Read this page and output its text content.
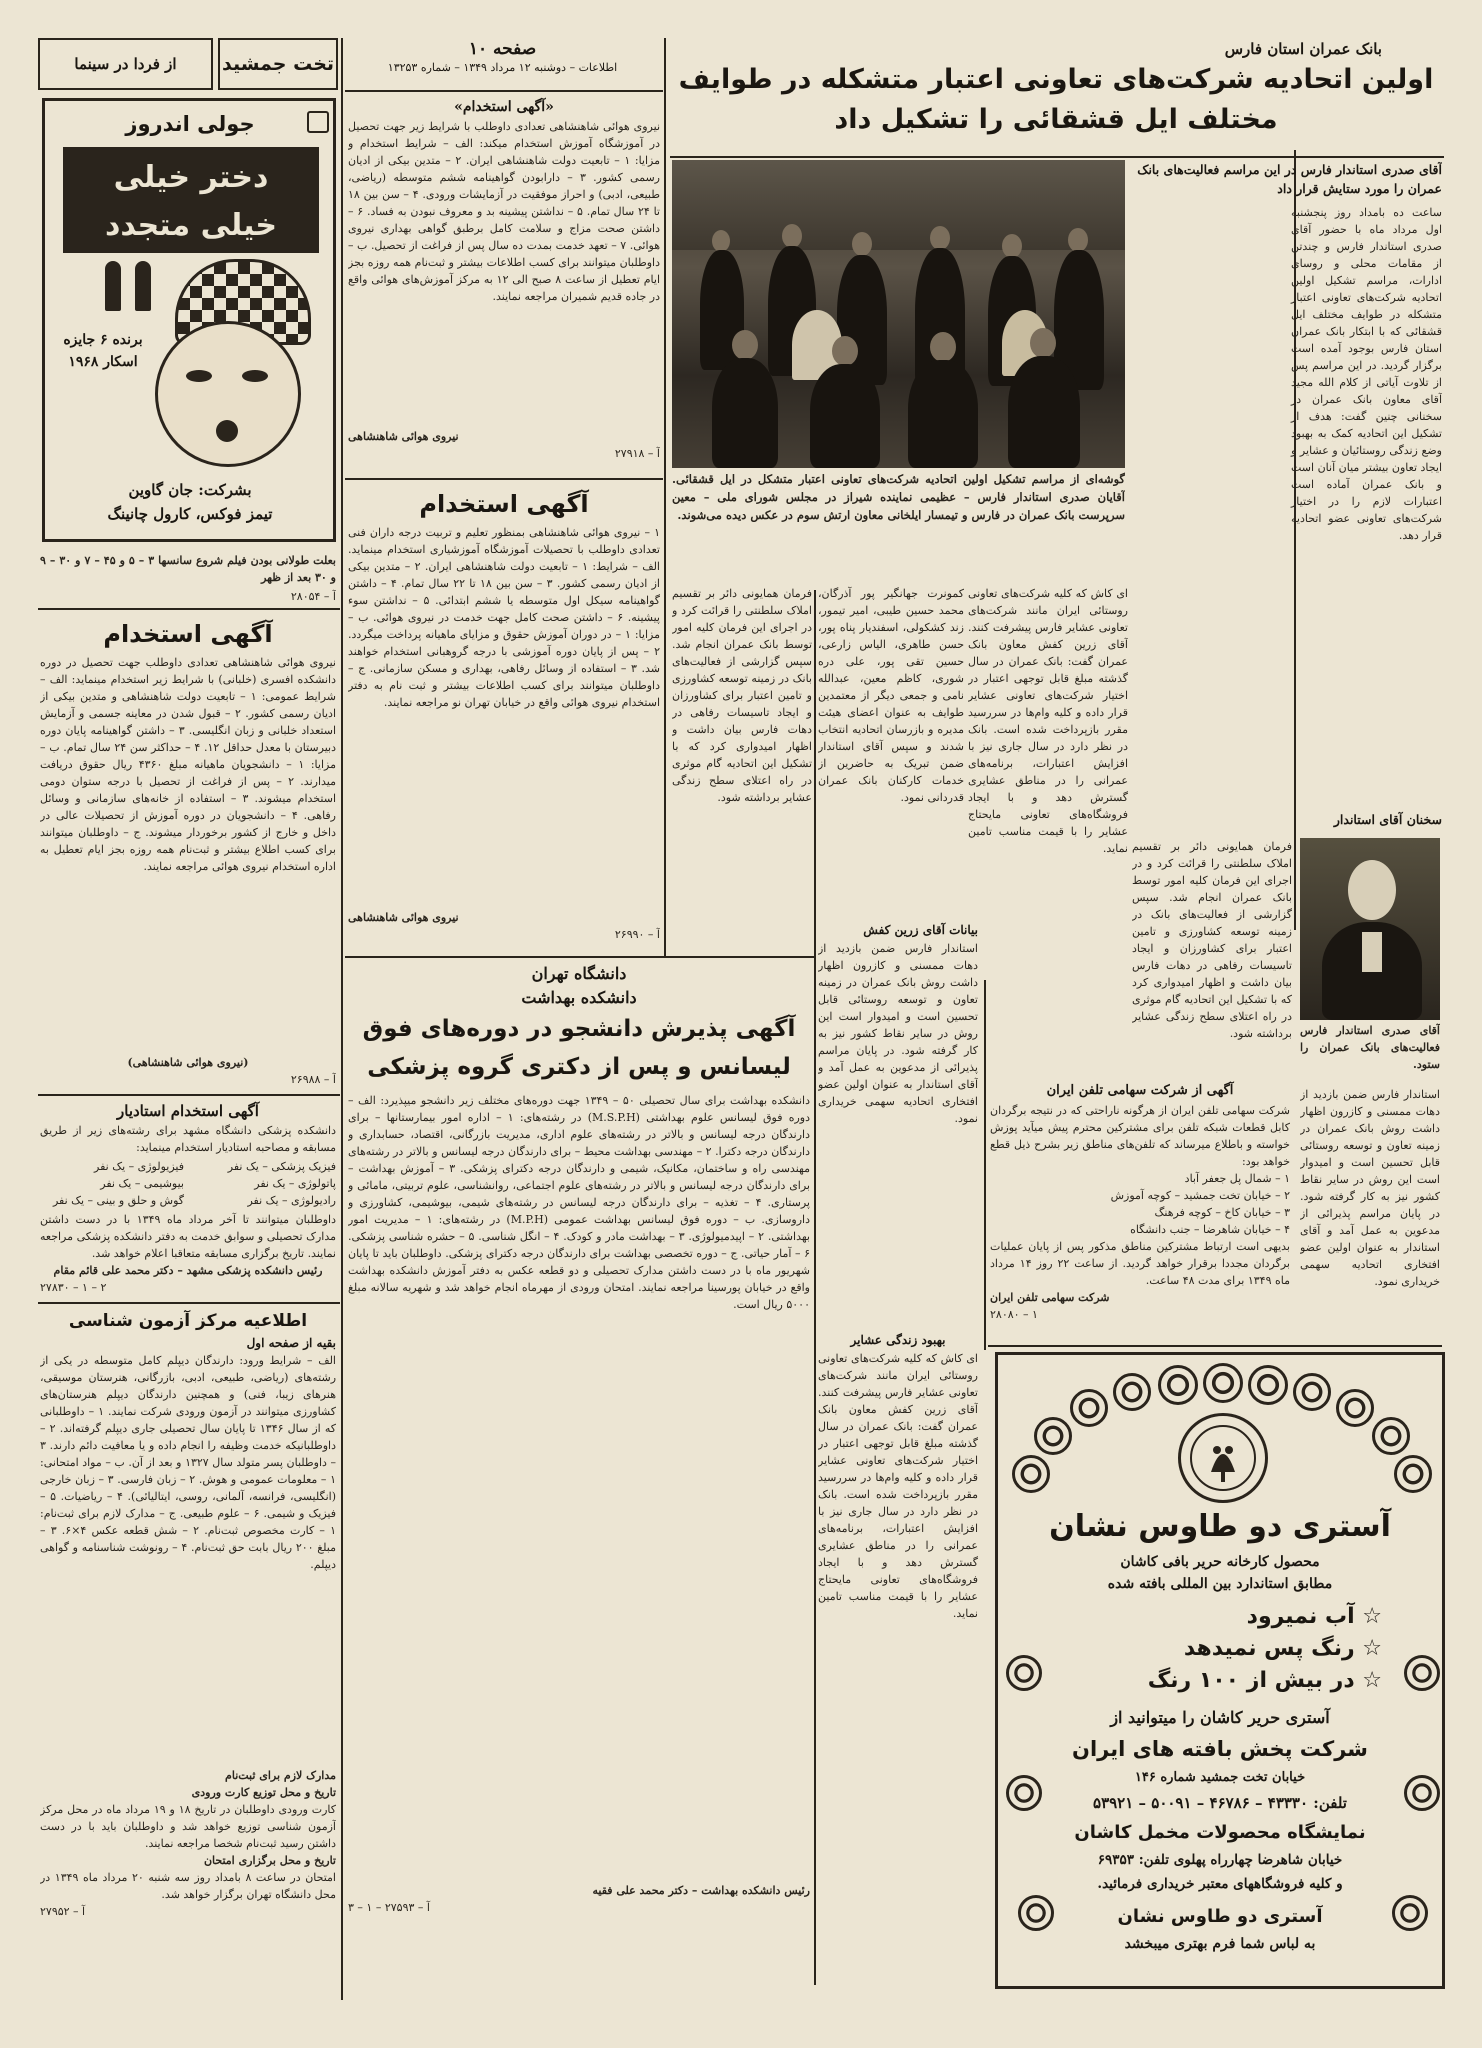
صفحه ۱۰
اطلاعات – دوشنبه ۱۲ مرداد ۱۳۴۹ – شماره ۱۳۲۵۳
بانک عمران استان فارس
اولین اتحادیه شرکت‌های تعاونی اعتبار متشکله در طوایف
مختلف ایل قشقائی را تشکیل داد
گوشه‌ای از مراسم تشکیل اولین اتحادیه شرکت‌های تعاونی اعتبار متشکل در ایل قشقائی. آقایان صدری استاندار فارس – عظیمی نماینده شیراز در مجلس شورای ملی – معین سرپرست بانک عمران در فارس و تیمسار ایلخانی معاون ارتش سوم در عکس دیده می‌شوند.
آقای صدری استاندار فارس در این مراسم فعالیت‌های بانک عمران را مورد ستایش قرار داد
ساعت ده بامداد روز پنجشنبه اول مرداد ماه با حضور آقای صدری استاندار فارس و چندتن از مقامات محلی و روسای ادارات، مراسم تشکیل اولین اتحادیه شرکت‌های تعاونی اعتبار متشکله در طوایف مختلف ایل قشقائی که با ابتکار بانک عمران استان فارس بوجود آمده است برگزار گردید. در این مراسم پس از تلاوت آیاتی از کلام الله مجید آقای معاون بانک عمران در سخنانی چنین گفت: هدف از تشکیل این اتحادیه کمک به بهبود وضع زندگی روستائیان و عشایر و ایجاد تعاون بیشتر میان آنان است و بانک عمران آماده است اعتبارات لازم را در اختیار شرکت‌های تعاونی عضو اتحادیه قرار دهد.
فرمان همایونی دائر بر تقسیم املاک سلطنتی را قرائت کرد و در اجرای این فرمان کلیه امور توسط بانک عمران انجام شد. سپس گزارشی از فعالیت‌های بانک در زمینه توسعه کشاورزی و تامین اعتبار برای کشاورزان و ایجاد تاسیسات رفاهی در دهات فارس بیان داشت و اظهار امیدواری کرد که با تشکیل این اتحادیه گام موثری در راه اعتلای سطح زندگی عشایر برداشته شود.
کمونرت جهانگیر پور آذرگان، محمد حسین طیبی، امیر تیمور، زند کشکولی، اسفندیار پناه پور، حسن طاهری، الیاس زارعی، حسین تقی پور، علی دره شوری، کاظم معین، عبدالله نامی و جمعی دیگر از معتمدین طوایف به عنوان اعضای هیئت مدیره و بازرسان اتحادیه انتخاب شدند و سپس آقای استاندار ضمن تبریک به حاضرین از خدمات کارکنان بانک عمران قدردانی نمود.
ای کاش که کلیه شرکت‌های تعاونی روستائی ایران مانند شرکت‌های تعاونی عشایر فارس پیشرفت کنند. آقای زرین کفش معاون بانک عمران گفت: بانک عمران در سال گذشته مبلغ قابل توجهی اعتبار در اختیار شرکت‌های تعاونی عشایر قرار داده و کلیه وام‌ها در سررسید مقرر بازپرداخت شده است. بانک در نظر دارد در سال جاری نیز با افزایش اعتبارات، برنامه‌های عمرانی را در مناطق عشایری گسترش دهد و با ایجاد فروشگاه‌های تعاونی مایحتاج عشایر را با قیمت مناسب تامین نماید.
بیانات آقای زرین کفش
استاندار فارس ضمن بازدید از دهات ممسنی و کازرون اظهار داشت روش بانک عمران در زمینه تعاون و توسعه روستائی قابل تحسین است و امیدوار است این روش در سایر نقاط کشور نیز به کار گرفته شود. در پایان مراسم پذیرائی از مدعوین به عمل آمد و آقای استاندار به عنوان اولین عضو افتخاری اتحادیه سهمی خریداری نمود.
سخنان آقای استاندار
آقای صدری استاندار فارس فعالیت‌های بانک عمران را ستود.
فرمان همایونی دائر بر تقسیم املاک سلطنتی را قرائت کرد و در اجرای این فرمان کلیه امور توسط بانک عمران انجام شد. سپس گزارشی از فعالیت‌های بانک در زمینه توسعه کشاورزی و تامین اعتبار برای کشاورزان و ایجاد تاسیسات رفاهی در دهات فارس بیان داشت و اظهار امیدواری کرد که با تشکیل این اتحادیه گام موثری در راه اعتلای سطح زندگی عشایر برداشته شود.
استاندار فارس ضمن بازدید از دهات ممسنی و کازرون اظهار داشت روش بانک عمران در زمینه تعاون و توسعه روستائی قابل تحسین است و امیدوار است این روش در سایر نقاط کشور نیز به کار گرفته شود. در پایان مراسم پذیرائی از مدعوین به عمل آمد و آقای استاندار به عنوان اولین عضو افتخاری اتحادیه سهمی خریداری نمود.
بهبود زندگی عشایر
ای کاش که کلیه شرکت‌های تعاونی روستائی ایران مانند شرکت‌های تعاونی عشایر فارس پیشرفت کنند. آقای زرین کفش معاون بانک عمران گفت: بانک عمران در سال گذشته مبلغ قابل توجهی اعتبار در اختیار شرکت‌های تعاونی عشایر قرار داده و کلیه وام‌ها در سررسید مقرر بازپرداخت شده است. بانک در نظر دارد در سال جاری نیز با افزایش اعتبارات، برنامه‌های عمرانی را در مناطق عشایری گسترش دهد و با ایجاد فروشگاه‌های تعاونی مایحتاج عشایر را با قیمت مناسب تامین نماید.
آگهی از شرکت سهامی تلفن ایران
شرکت سهامی تلفن ایران از هرگونه ناراحتی که در نتیجه برگردان کابل قطعات شبکه تلفن برای مشترکین محترم پیش میآید پوزش خواسته و باطلاع میرساند که تلفن‌های مناطق زیر بشرح ذیل قطع خواهد بود:
۱ – شمال پل جعفر آباد
۲ – خیابان تخت جمشید – کوچه آموزش
۳ – خیابان کاخ – کوچه فرهنگ
۴ – خیابان شاهرضا – جنب دانشگاه
بدیهی است ارتباط مشترکین مناطق مذکور پس از پایان عملیات برگردان مجددا برقرار خواهد گردید. از ساعت ۲۲ روز ۱۴ مرداد ماه ۱۳۴۹ برای مدت ۴۸ ساعت.
شرکت سهامی تلفن ایران
۱ – ۲۸۰۸۰
آستری دو طاوس نشان
محصول کارخانه حریر بافی کاشان
مطابق استاندارد بین المللی بافته شده
☆ آب نمیرود
☆ رنگ پس نمیدهد
☆ در بیش از ۱۰۰ رنگ
آستری حریر کاشان را میتوانید از
شرکت پخش بافته های ایران
خیابان تخت جمشید شماره ۱۴۶
تلفن: ۴۳۳۳۰ – ۴۶۷۸۶ – ۵۰۰۹۱ – ۵۳۹۲۱
نمایشگاه محصولات مخمل کاشان
خیابان شاهرضا چهارراه پهلوی تلفن: ۶۹۳۵۳
و کلیه فروشگاههای معتبر خریداری فرمائید.
آستری دو طاوس نشان
به لباس شما فرم بهتری میبخشد
«آگهی استخدام»
نیروی هوائی شاهنشاهی تعدادی داوطلب با شرایط زیر جهت تحصیل در آموزشگاه آموزش استخدام میکند: الف – شرایط استخدام و مزایا: ۱ – تابعیت دولت شاهنشاهی ایران. ۲ – متدین بیکی از ادیان رسمی کشور. ۳ – دارابودن گواهینامه ششم متوسطه (ریاضی، طبیعی، ادبی) و احراز موفقیت در آزمایشات ورودی. ۴ – سن بین ۱۸ تا ۲۴ سال تمام. ۵ – نداشتن پیشینه بد و معروف نبودن به فساد. ۶ – داشتن صحت مزاج و سلامت کامل برطبق گواهی بهداری نیروی هوائی. ۷ – تعهد خدمت بمدت ده سال پس از فراغت از تحصیل. ب – داوطلبان میتوانند برای کسب اطلاعات بیشتر و ثبت‌نام همه روزه بجز ایام تعطیل از ساعت ۸ صبح الی ۱۲ به مرکز آموزش‌های هوائی واقع در جاده قدیم شمیران مراجعه نمایند.
نیروی هوائی شاهنشاهی
آ – ۲۷۹۱۸
آگهی استخدام
۱ – نیروی هوائی شاهنشاهی بمنظور تعلیم و تربیت درجه داران فنی تعدادی داوطلب با تحصیلات آموزشگاه آموزشیاری استخدام مینماید. الف – شرایط: ۱ – تابعیت دولت شاهنشاهی ایران. ۲ – متدین بیکی از ادیان رسمی کشور. ۳ – سن بین ۱۸ تا ۲۲ سال تمام. ۴ – داشتن گواهینامه سیکل اول متوسطه یا ششم ابتدائی. ۵ – نداشتن سوء پیشینه. ۶ – داشتن صحت کامل جهت خدمت در نیروی هوائی. ب – مزایا: ۱ – در دوران آموزش حقوق و مزایای ماهیانه پرداخت میگردد. ۲ – پس از پایان دوره آموزشی با درجه گروهبانی استخدام خواهند شد. ۳ – استفاده از وسائل رفاهی، بهداری و مسکن سازمانی. ج – داوطلبان میتوانند برای کسب اطلاعات بیشتر و ثبت نام به دفتر استخدام نیروی هوائی واقع در خیابان تهران نو مراجعه نمایند.
نیروی هوائی شاهنشاهی
آ – ۲۶۹۹۰
دانشگاه تهران
دانشکده بهداشت
آگهی پذیرش دانشجو در دوره‌های فوق
لیسانس و پس از دکتری گروه پزشکی
دانشکده بهداشت برای سال تحصیلی ۵۰ – ۱۳۴۹ جهت دوره‌های مختلف زیر دانشجو میپذیرد: الف – دوره فوق لیسانس علوم بهداشتی (M.S.P.H) در رشته‌های: ۱ – اداره امور بیمارستانها – برای دارندگان درجه لیسانس و بالاتر در رشته‌های علوم اداری، مدیریت بازرگانی، اقتصاد، حسابداری و دارندگان درجه دکترا. ۲ – مهندسی بهداشت محیط – برای دارندگان درجه لیسانس و بالاتر در رشته‌های مهندسی راه و ساختمان، مکانیک، شیمی و دارندگان درجه دکترای پزشکی. ۳ – آموزش بهداشت – برای دارندگان درجه لیسانس و بالاتر در رشته‌های علوم اجتماعی، روانشناسی، علوم تربیتی، مامائی و پرستاری. ۴ – تغذیه – برای دارندگان درجه لیسانس در رشته‌های شیمی، بیوشیمی، کشاورزی و داروسازی. ب – دوره فوق لیسانس بهداشت عمومی (M.P.H) در رشته‌های: ۱ – مدیریت امور بهداشتی. ۲ – اپیدمیولوژی. ۳ – بهداشت مادر و کودک. ۴ – انگل شناسی. ۵ – حشره شناسی پزشکی. ۶ – آمار حیاتی. ج – دوره تخصصی بهداشت برای دارندگان درجه دکترای پزشکی. داوطلبان باید تا پایان شهریور ماه با در دست داشتن مدارک تحصیلی و دو قطعه عکس به دفتر آموزش دانشکده بهداشت واقع در خیابان پورسینا مراجعه نمایند. امتحان ورودی از مهرماه انجام خواهد شد و شهریه سالانه مبلغ ۵۰۰۰ ریال است.
رئیس دانشکده بهداشت – دکتر محمد علی فقیه
آ – ۲۷۵۹۳ – ۱ – ۳
تخت جمشید
از فردا در سینما
جولی اندروز
دختر خیلی خیلی متجدد
برنده ۶ جایزه اسکار ۱۹۶۸
بشرکت: جان گاوین
تیمز فوکس، کارول چانینگ
بعلت طولانی بودن فیلم شروع سانسها ۳ – ۵ و ۴۵ – ۷ و ۳۰ – ۹ و ۳۰ بعد از ظهر
آ – ۲۸۰۵۴
آگهی استخدام
نیروی هوائی شاهنشاهی تعدادی داوطلب جهت تحصیل در دوره دانشکده افسری (خلبانی) با شرایط زیر استخدام مینماید: الف – شرایط عمومی: ۱ – تابعیت دولت شاهنشاهی و متدین بیکی از ادیان رسمی کشور. ۲ – قبول شدن در معاینه جسمی و آزمایش استعداد خلبانی و زبان انگلیسی. ۳ – داشتن گواهینامه پایان دوره دبیرستان با معدل حداقل ۱۲. ۴ – حداکثر سن ۲۴ سال تمام. ب – مزایا: ۱ – دانشجویان ماهیانه مبلغ ۴۳۶۰ ریال حقوق دریافت میدارند. ۲ – پس از فراغت از تحصیل با درجه ستوان دومی استخدام میشوند. ۳ – استفاده از خانه‌های سازمانی و وسائل رفاهی. ۴ – دانشجویان در دوره آموزش از تحصیلات عالی در داخل و خارج از کشور برخوردار میشوند. ج – داوطلبان میتوانند برای کسب اطلاع بیشتر و ثبت‌نام همه روزه بجز ایام تعطیل به اداره استخدام نیروی هوائی مراجعه نمایند.
(نیروی هوائی شاهنشاهی)
آ – ۲۶۹۸۸
آگهی استخدام استادیار
دانشکده پزشکی دانشگاه مشهد برای رشته‌های زیر از طریق مسابقه و مصاحبه استادیار استخدام مینماید:
فیزیک پزشکی – یک نفر
پاتولوژی – یک نفر
رادیولوژی – یک نفر
فیزیولوژی – یک نفر
بیوشیمی – یک نفر
گوش و حلق و بینی – یک نفر
داوطلبان میتوانند تا آخر مرداد ماه ۱۳۴۹ با در دست داشتن مدارک تحصیلی و سوابق خدمت به دفتر دانشکده پزشکی مراجعه نمایند. تاریخ برگزاری مسابقه متعاقبا اعلام خواهد شد.
رئیس دانشکده پزشکی مشهد – دکتر محمد علی قائم مقام
۲ – ۱ – ۲۷۸۳۰
اطلاعیه مرکز آزمون شناسی
بقیه از صفحه اول
الف – شرایط ورود: دارندگان دیپلم کامل متوسطه در یکی از رشته‌های (ریاضی، طبیعی، ادبی، بازرگانی، هنرستان موسیقی، هنرهای زیبا، فنی) و همچنین دارندگان دیپلم هنرستان‌های کشاورزی میتوانند در آزمون ورودی شرکت نمایند. ۱ – داوطلبانی که از سال ۱۳۴۶ تا پایان سال تحصیلی جاری دیپلم گرفته‌اند. ۲ – داوطلبانیکه خدمت وظیفه را انجام داده و یا معافیت دائم دارند. ۳ – داوطلبان پسر متولد سال ۱۳۲۷ و بعد از آن. ب – مواد امتحانی: ۱ – معلومات عمومی و هوش. ۲ – زبان فارسی. ۳ – زبان خارجی (انگلیسی، فرانسه، آلمانی، روسی، ایتالیائی). ۴ – ریاضیات. ۵ – فیزیک و شیمی. ۶ – علوم طبیعی. ج – مدارک لازم برای ثبت‌نام: ۱ – کارت مخصوص ثبت‌نام. ۲ – شش قطعه عکس ۴×۶. ۳ – مبلغ ۲۰۰ ریال بابت حق ثبت‌نام. ۴ – رونوشت شناسنامه و گواهی دیپلم.
مدارک لازم برای ثبت‌نام
تاریخ و محل توزیع کارت ورودی
کارت ورودی داوطلبان در تاریخ ۱۸ و ۱۹ مرداد ماه در محل مرکز آزمون شناسی توزیع خواهد شد و داوطلبان باید با در دست داشتن رسید ثبت‌نام شخصا مراجعه نمایند.
تاریخ و محل برگزاری امتحان
امتحان در ساعت ۸ بامداد روز سه شنبه ۲۰ مرداد ماه ۱۳۴۹ در محل دانشگاه تهران برگزار خواهد شد.
آ – ۲۷۹۵۲
